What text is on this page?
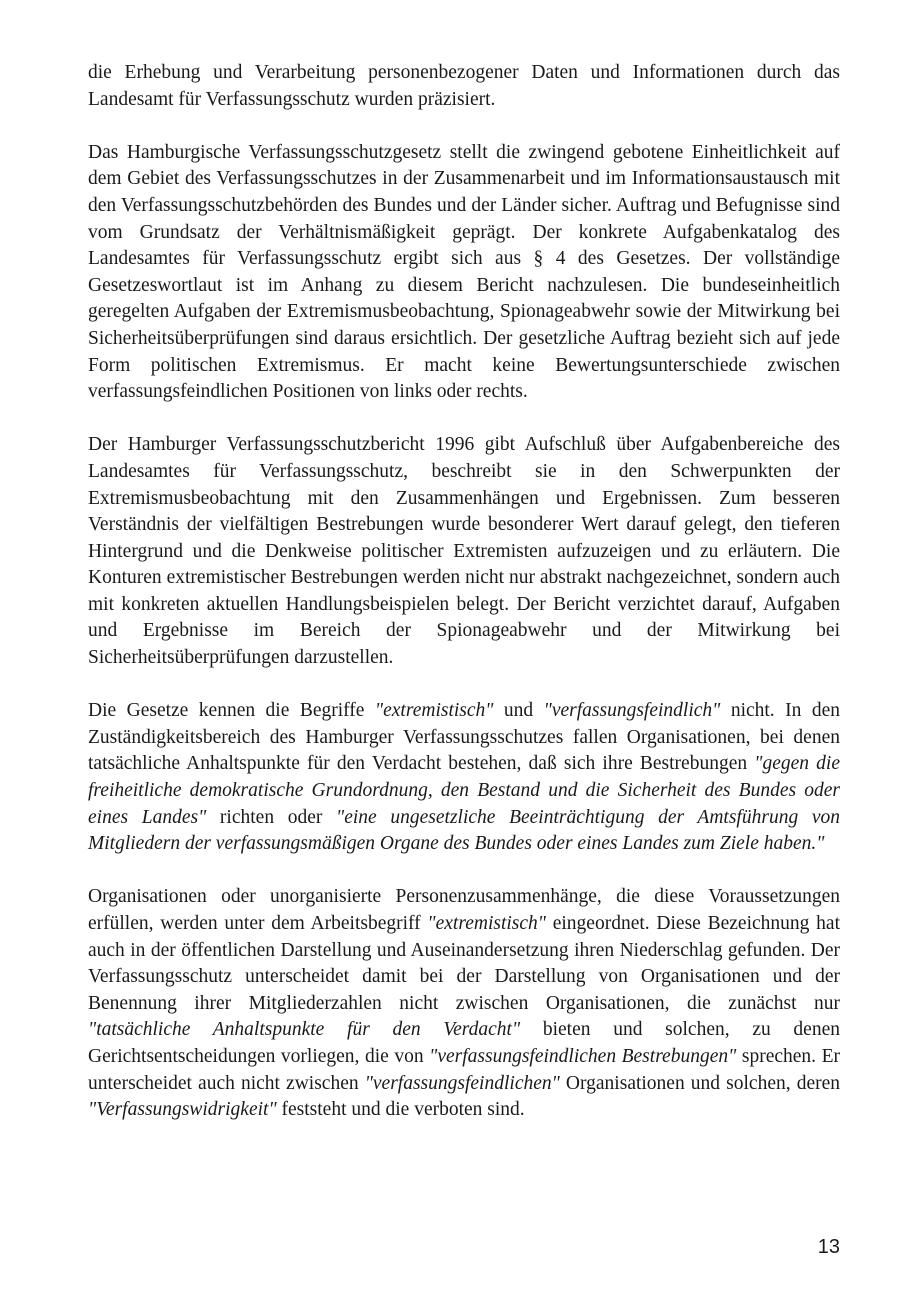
die Erhebung und Verarbeitung personenbezogener Daten und Informationen durch das Landesamt für Verfassungsschutz wurden präzisiert.

Das Hamburgische Verfassungsschutzgesetz stellt die zwingend gebotene Einheitlichkeit auf dem Gebiet des Verfassungsschutzes in der Zusammenarbeit und im Informationsaustausch mit den Verfassungsschutzbehörden des Bundes und der Länder sicher. Auftrag und Befugnisse sind vom Grundsatz der Verhältnismäßigkeit geprägt. Der konkrete Aufgabenkatalog des Landesamtes für Verfassungsschutz ergibt sich aus § 4 des Gesetzes. Der vollständige Gesetzeswortlaut ist im Anhang zu diesem Bericht nachzulesen. Die bundeseinheitlich geregelten Aufgaben der Extremismusbeobachtung, Spionageabwehr sowie der Mitwirkung bei Sicherheitsüberprüfungen sind daraus ersichtlich. Der gesetzliche Auftrag bezieht sich auf jede Form politischen Extremismus. Er macht keine Bewertungsunterschiede zwischen verfassungsfeindlichen Positionen von links oder rechts.

Der Hamburger Verfassungsschutzbericht 1996 gibt Aufschluß über Aufgabenbereiche des Landesamtes für Verfassungsschutz, beschreibt sie in den Schwerpunkten der Extremismusbeobachtung mit den Zusammenhängen und Ergebnissen. Zum besseren Verständnis der vielfältigen Bestrebungen wurde besonderer Wert darauf gelegt, den tieferen Hintergrund und die Denkweise politischer Extremisten aufzuzeigen und zu erläutern. Die Konturen extremistischer Bestrebungen werden nicht nur abstrakt nachgezeichnet, sondern auch mit konkreten aktuellen Handlungsbeispielen belegt. Der Bericht verzichtet darauf, Aufgaben und Ergebnisse im Bereich der Spionageabwehr und der Mitwirkung bei Sicherheitsüberprüfungen darzustellen.

Die Gesetze kennen die Begriffe "extremistisch" und "verfassungsfeindlich" nicht. In den Zuständigkeitsbereich des Hamburger Verfassungsschutzes fallen Organisationen, bei denen tatsächliche Anhaltspunkte für den Verdacht bestehen, daß sich ihre Bestrebungen "gegen die freiheitliche demokratische Grundordnung, den Bestand und die Sicherheit des Bundes oder eines Landes" richten oder "eine ungesetzliche Beeinträchtigung der Amtsführung von Mitgliedern der verfassungsmäßigen Organe des Bundes oder eines Landes zum Ziele haben."

Organisationen oder unorganisierte Personenzusammenhänge, die diese Voraussetzungen erfüllen, werden unter dem Arbeitsbegriff "extremistisch" eingeordnet. Diese Bezeichnung hat auch in der öffentlichen Darstellung und Auseinandersetzung ihren Niederschlag gefunden. Der Verfassungsschutz unterscheidet damit bei der Darstellung von Organisationen und der Benennung ihrer Mitgliederzahlen nicht zwischen Organisationen, die zunächst nur "tatsächliche Anhaltspunkte für den Verdacht" bieten und solchen, zu denen Gerichtsentscheidungen vorliegen, die von "verfassungsfeindlichen Bestrebungen" sprechen. Er unterscheidet auch nicht zwischen "verfassungsfeindlichen" Organisationen und solchen, deren "Verfassungswidrigkeit" feststeht und die verboten sind.

13
